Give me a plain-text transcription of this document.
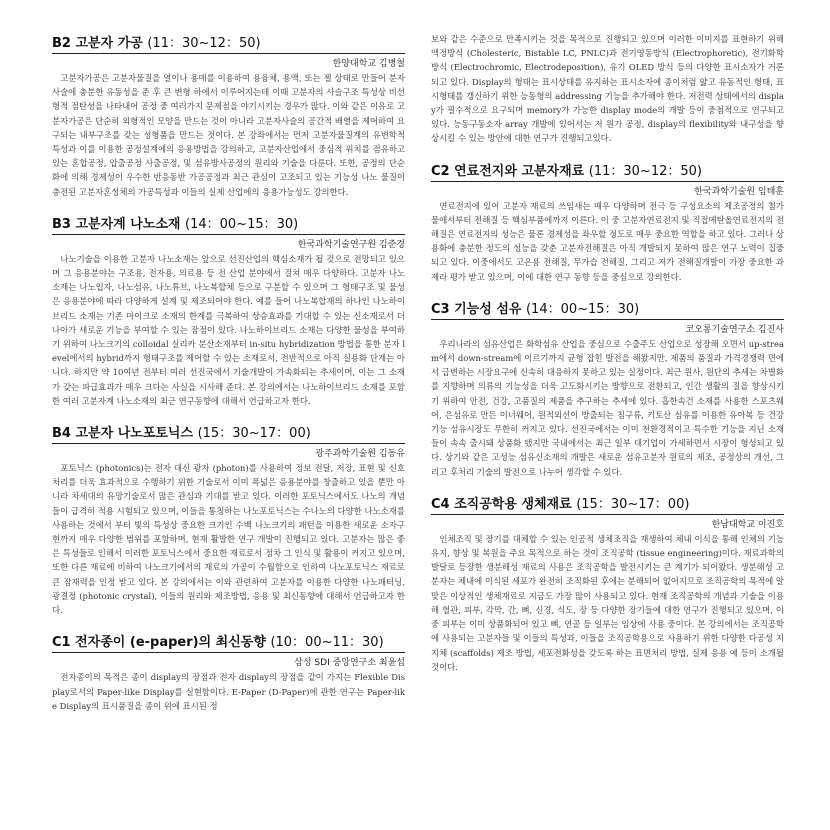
B2 고분자 가공 (11：30~12：50)
한양대학교 김병철

고분자가공은 고분자물질을 열이나 용매를 이용하여 용융체, 용액, 또는 젤 상태로 만들어 분자사슬에 충분한 유동성을 준 후 큰 변형 하에서 이루어지는데 이때 고분자의 사슬구조 특성상 비선형적 점탄성을 나타내어 공정 중 여러가지 문제점을 야기시키는 경우가 많다. 이와 같은 이유로 고분자가공은 단순히 외형적인 모양을 만드는 것이 아니라 고분자사슬의 공간적 배열을 제어하여 요구되는 내부구조를 갖는 성형품을 만드는 것이다. 본 강좌에서는 먼저 고분자물질계의 유변학적 특성과 이를 이용한 공정설계에의 응용방법을 강의하고, 고분자산업에서 중심적 위치를 점유하고 있는 혼합공정, 압출공정 사출공정, 및 섬유방사공정의 원리와 기술을 다룬다. 또한, 공정의 단순화에 의해 경제성이 우수한 반응동반 가공공정과 최근 관심이 고조되고 있는 기능성 나노 물질이 충전된 고분자혼성체의 가공특성과 이들의 실제 산업에의 응용가능성도 강의한다.

B3 고분자계 나노소재 (14：00~15：30)
한국과학기술연구원 김준경

나노기술을 이용한 고분자 나노소재는 앞으로 선진산업의 핵심소재가 될 것으로 전망되고 있으며 그 응용분야는 구조용, 전자용, 의료용 등 전 산업 분야에서 걸쳐 매우 다양하다. 고분자 나노 소재는 나노입자, 나노섬유, 나노튜브, 나노복합체 등으로 구분할 수 있으며 그 형태구조 및 물성은 응용분야에 따라 다양하게 설계 및 제조되어야 한다. 예를 들어 나노복합재의 하나인 나노하이브리드 소재는 기존 마이크로 소재의 한계를 극복하여 상승효과를 기대할 수 있는 신소재로서 더 나아가 새로운 기능을 부여할 수 있는 잠점이 있다. 나노하이브리드 소재는 다양한 물성을 부여하기 위하여 나노크기의 colloidal 실리카 분산소재부터 in-situ hybridization 방법을 통한 분자 level에서의 hybrid까지 형태구조를 제어할 수 있는 소재로서, 전반적으로 아직 실용화 단계는 아니다. 하지만 약 10여년 전부터 여러 선진국에서 기술개발이 가속화되는 추세이며, 이는 그 소재가 갖는 파급효과가 매우 크다는 사실을 시사해 준다. 본 강의에서는 나노하이브리드 소재를 포함한 여러 고분자계 나노소재의 최근 연구동향에 대해서 언급하고자 한다.

B4 고분자 나노포토닉스 (15：30~17：00)
광주과학기술원 김동유

포토닉스 (photonics)는 전자 대신 광자 (photon)를 사용하여 정보 전달, 저장, 표현 및 신호처리를 더욱 효과적으로 수행하기 위한 기술로서 이미 폭넓은 응용분야를 창출하고 있을 뿐만 아니라 차세대의 유망기술로서 많은 관심과 기대를 받고 있다. 이러한 포토닉스에서도 나노의 개념들이 급격히 적용 시험되고 있으며, 이들을 통칭하는 나노포토닉스는 수나노의 다양한 나노소재를 사용하는 것에서 부터 빛의 특성상 중요한 크기인 수백 나노크기의 패턴을 이용한 새로운 소자구현까지 매우 다양한 범위를 포함하며, 현재 활발한 연구 개발이 진행되고 있다. 고분자는 많은 좋은 특성들로 인해서 이러한 포토닉스에서 중요한 재료로서 점차 그 인식 및 활용이 커지고 있으며, 또한 다른 재료에 비하여 나노크기에서의 재료의 가공이 수월함으로 인하여 나노포토닉스 재료로 큰 잠재력을 인정 받고 있다. 본 강의에서는 이와 관련하여 고분자를 이용한 다양한 나노패터닝, 광결정 (photonic crystal), 이들의 원리와 제조방법, 응용 및 최신동향에 대해서 언급하고자 한다.

C1 전자종이 (e-paper)의 최신동향 (10：00~11：30)
삼성 SDI 중앙연구소 최윤섭

전자종이의 목적은 종이 display의 장점과 전자 display의 장점을 같이 가지는 Flexible Display로서의 Paper-like Display를 실현함이다. E-Paper (D-Paper)에 관한 연구는 Paper-like Display의 표시품질을 종이 위에 표시된 정

보와 같은 수준으로 만족시키는 것을 목적으로 진행되고 있으며 이러한 이미지를 표현하기 위해 액정방식 (Cholesteric, Bistable LC, PNLC)과 전기영동방식 (Electrophoretic), 전기화학방식 (Electrochromic, Electrodeposition), 유기 OLED 방식 등의 다양한 표시소자가 거론되고 있다. Display의 형태는 표시상태를 유지하는 표시소자에 종이처럼 얇고 유동적인 형태, 표시형태를 갱신하기 위한 능동형의 addressing 기능을 추가해야 한다. 저전력 상태에서의 display가 필수적으로 요구되며 memory가 가능한 display mode의 개발 등이 중점적으로 연구되고 있다. 능동구동소자 array 개발에 있어서는 저 원가 공정, display의 flexibility와 내구성을 향상시킬 수 있는 방안에 대한 연구가 진행되고있다.

C2 연료전지와 고분자재료 (11：30~12：50)
한국과학기술원 임태훈

연료전지에 있어 고분자 재료의 쓰임새는 매우 다양하며 전극 등 구성요소의 제조공정의 첨가물에서부터 전해질 등 핵심부품에까지 이른다. 이 중 고분자연료전지 및 직접메탄올연료전지의 전해질은 연료전지의 성능은 물론 경제성을 좌우할 정도로 매우 중요한 역할을 하고 있다. 그러나 상용화에 충분한 정도의 성능을 갖춘 고분자전해질은 아직 개발되지 못하여 많은 연구 노력이 집중되고 있다. 이중에서도 고온용 전해질, 무가습 전해질, 그리고 저가 전해질개발이 가장 중요한 과제라 평가 받고 있으며, 이에 대한 연구 동향 등을 중심으로 강의한다.

C3 기능성 섬유 (14：00~15：30)
코오롱기술연구소 김진사

우리나라의 섬유산업은 화학섬유 산업을 중심으로 수출주도 산업으로 성장해 오면서 up-stream에서 down-stream에 이르기까지 균형 잡힌 발전을 해왔지만, 제품의 품질과 가격경쟁력 면에서 급변하는 시장요구에 신속히 대응하지 못하고 있는 실정이다. 최근 원사, 원단의 추세는 차별화를 지향하며 의류의 기능성을 더욱 고도화시키는 방향으로 전환되고, 인간 생활의 질을 향상시키기 위하여 안전, 건강, 고품질의 제품을 추구하는 추세에 있다. 흡한속건 소재를 사용한 스포츠웨어, 은섬유로 만든 이너웨어, 원적외선이 방출되는 침구류, 키토산 섬유를 이용한 유아복 등 건강기능 섬유시장도 무한히 커지고 있다. 선진국에서는 이미 천환경적이고 특수한 기능을 지닌 소재들이 속속 출시돼 상품화 됐지만 국내에서는 최근 일부 대기업이 가세하면서 시장이 형성되고 있다. 상기와 같은 고성능 섬유신소재의 개발은 새로운 섬유고분자 원료의 제조, 공정상의 개선, 그리고 후처리 기술의 발전으로 나누어 생각할 수 있다.

C4 조직공학용 생체재료 (15：30~17：00)
한남대학교 이진호

인체조직 및 장기를 대체할 수 있는 인공적 생체조직을 재생하여 체내 이식을 통해 인체의 기능 유지, 향상 및 복원을 주요 목적으로 하는 것이 조직공학 (tissue engineering)이다. 재료과학의 발달로 등장한 생분해성 재료의 사용은 조직공학을 발전시키는 큰 계기가 되어왔다. 생분해성 고분자는 체내에 이식된 세포가 완전히 조직화된 후에는 분해되어 없어지므로 조직공학의 목적에 알맞은 이상적인 생체재료로 지금도 가장 많이 사용되고 있다. 현재 조직공학의 개념과 기술을 이용해 혈관, 피부, 각막, 간, 뼈, 신경, 식도, 장 등 다양한 장기들에 대한 연구가 진행되고 있으며, 이중 피부는 이미 상품화되어 있고 뼈, 연골 등 일부는 임상에 사용 중이다. 본 강의에서는 조직공학에 사용되는 고분자들 및 이들의 특성과, 이들을 조직공학용으로 사용하기 위한 다양한 다공성 지지체 (scaffolds) 제조 방법, 세포전화성을 갖도록 하는 표면처리 방법, 실제 응용 예 등이 소개될 것이다.
